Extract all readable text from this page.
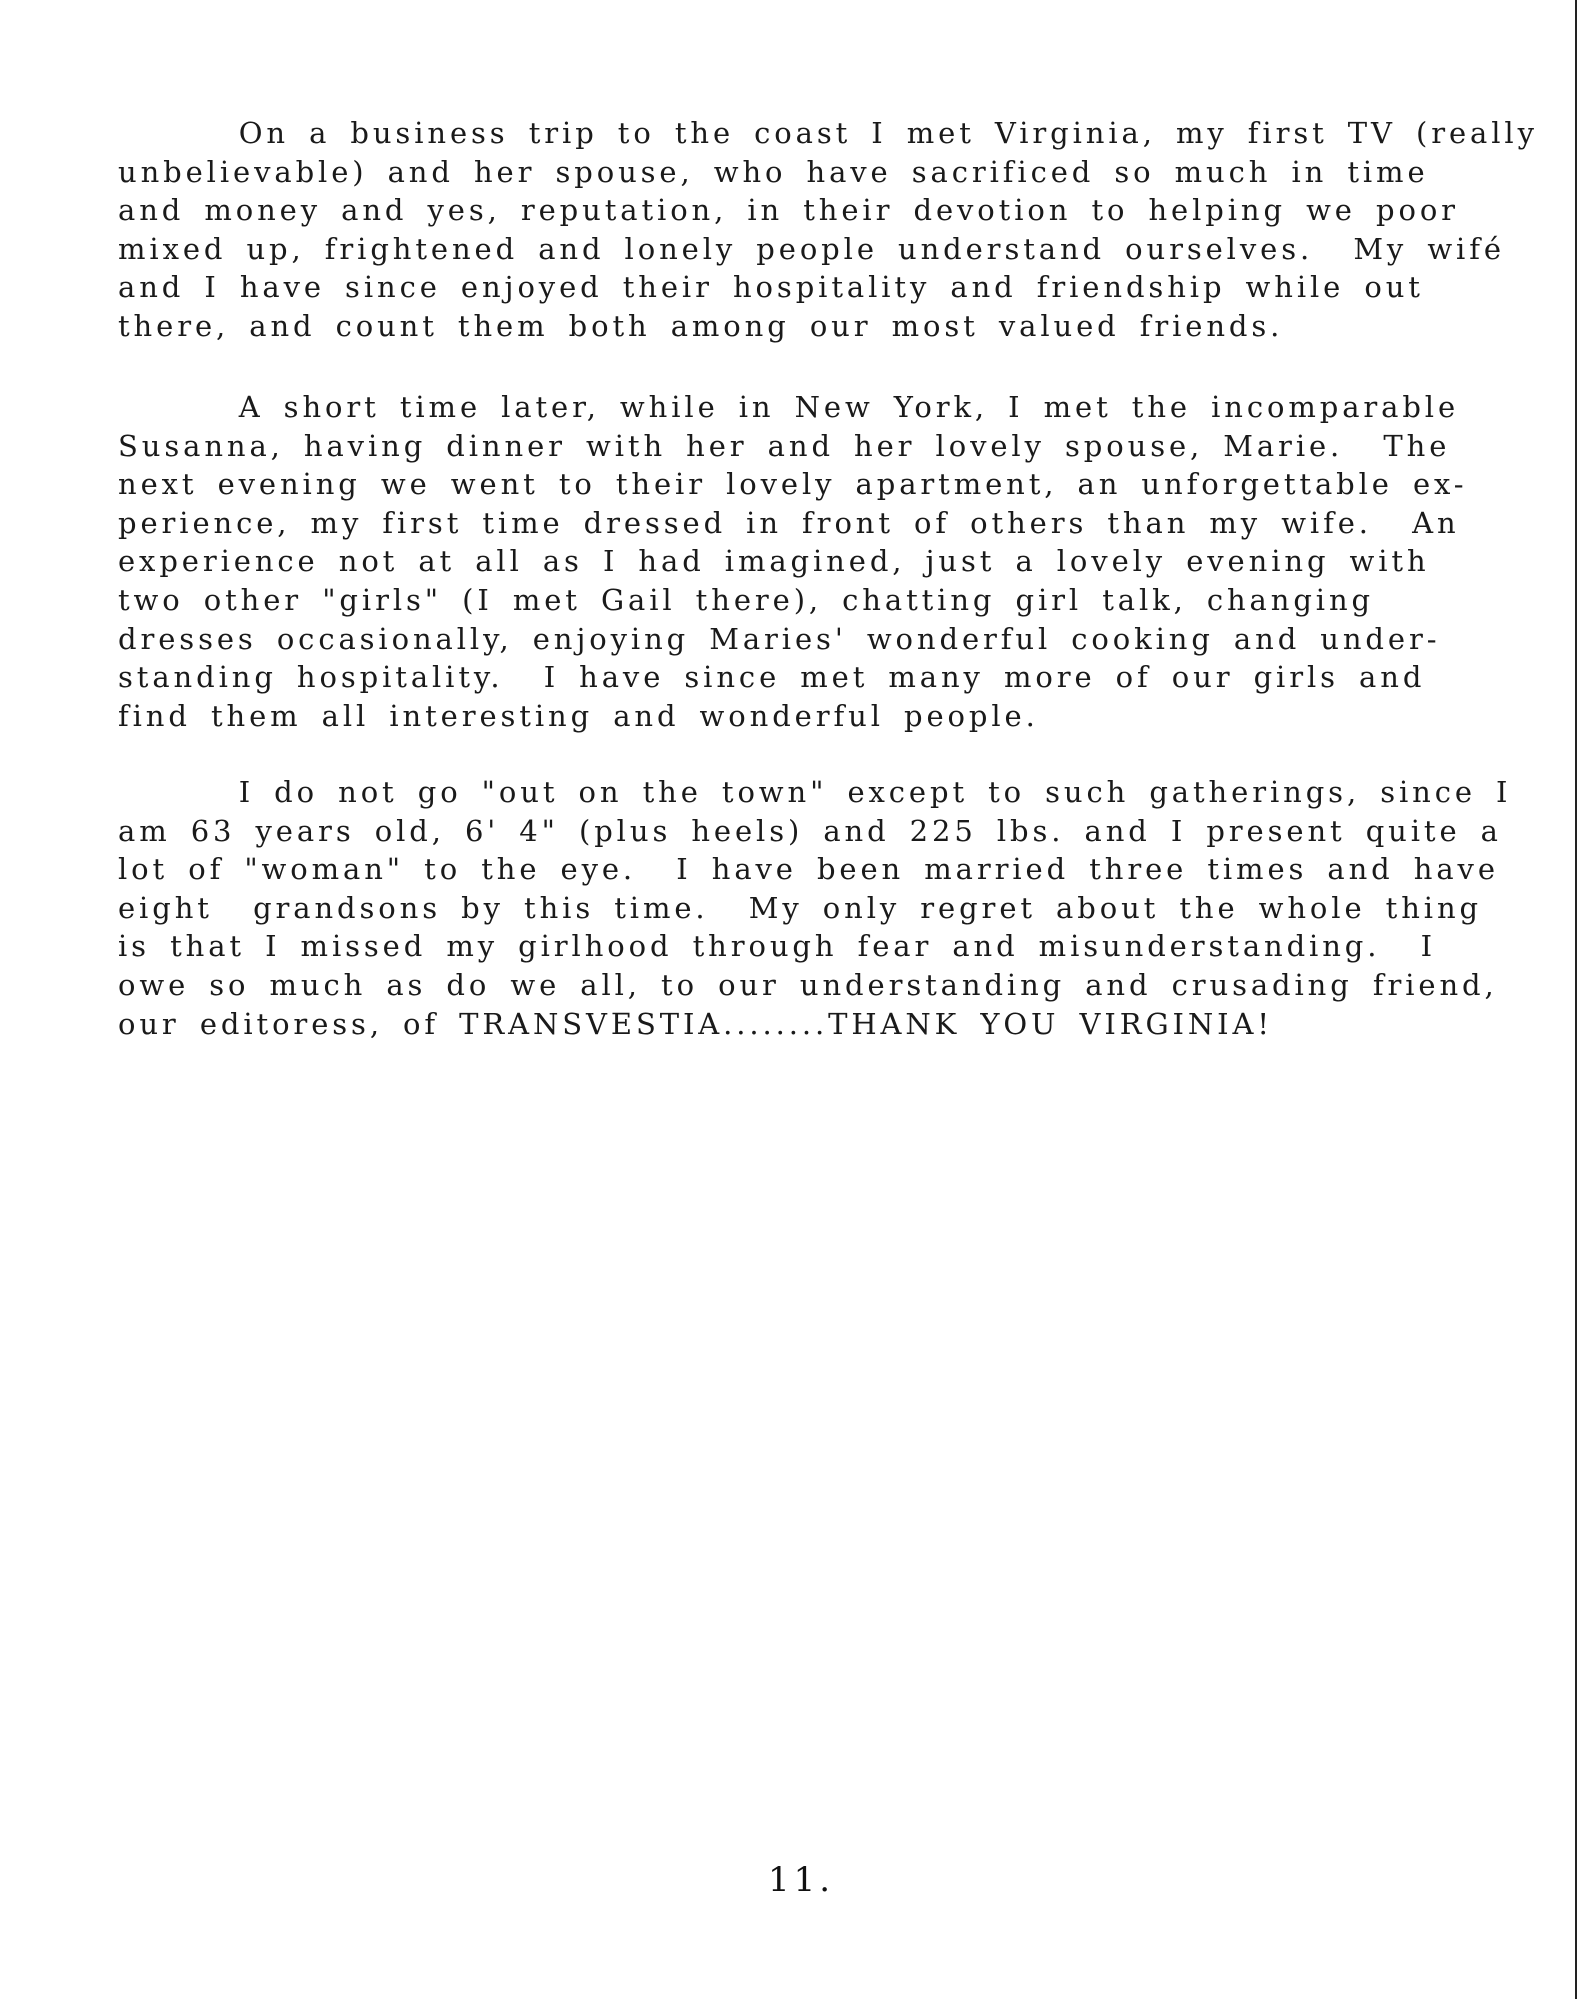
On a business trip to the coast I met Virginia, my first TV (really
unbelievable) and her spouse, who have sacrificed so much in time
and money and yes, reputation, in their devotion to helping we poor
mixed up, frightened and lonely people understand ourselves.  My wifé
and I have since enjoyed their hospitality and friendship while out
there, and count them both among our most valued friends.
A short time later, while in New York, I met the incomparable
Susanna, having dinner with her and her lovely spouse, Marie.  The
next evening we went to their lovely apartment, an unforgettable ex-
perience, my first time dressed in front of others than my wife.  An
experience not at all as I had imagined, just a lovely evening with
two other "girls" (I met Gail there), chatting girl talk, changing
dresses occasionally, enjoying Maries' wonderful cooking and under-
standing hospitality.  I have since met many more of our girls and
find them all interesting and wonderful people.
I do not go "out on the town" except to such gatherings, since I
am 63 years old, 6' 4" (plus heels) and 225 lbs. and I present quite a
lot of "woman" to the eye.  I have been married three times and have
eight  grandsons by this time.  My only regret about the whole thing
is that I missed my girlhood through fear and misunderstanding.  I
owe so much as do we all, to our understanding and crusading friend,
our editoress, of TRANSVESTIA........THANK YOU VIRGINIA!
11.
